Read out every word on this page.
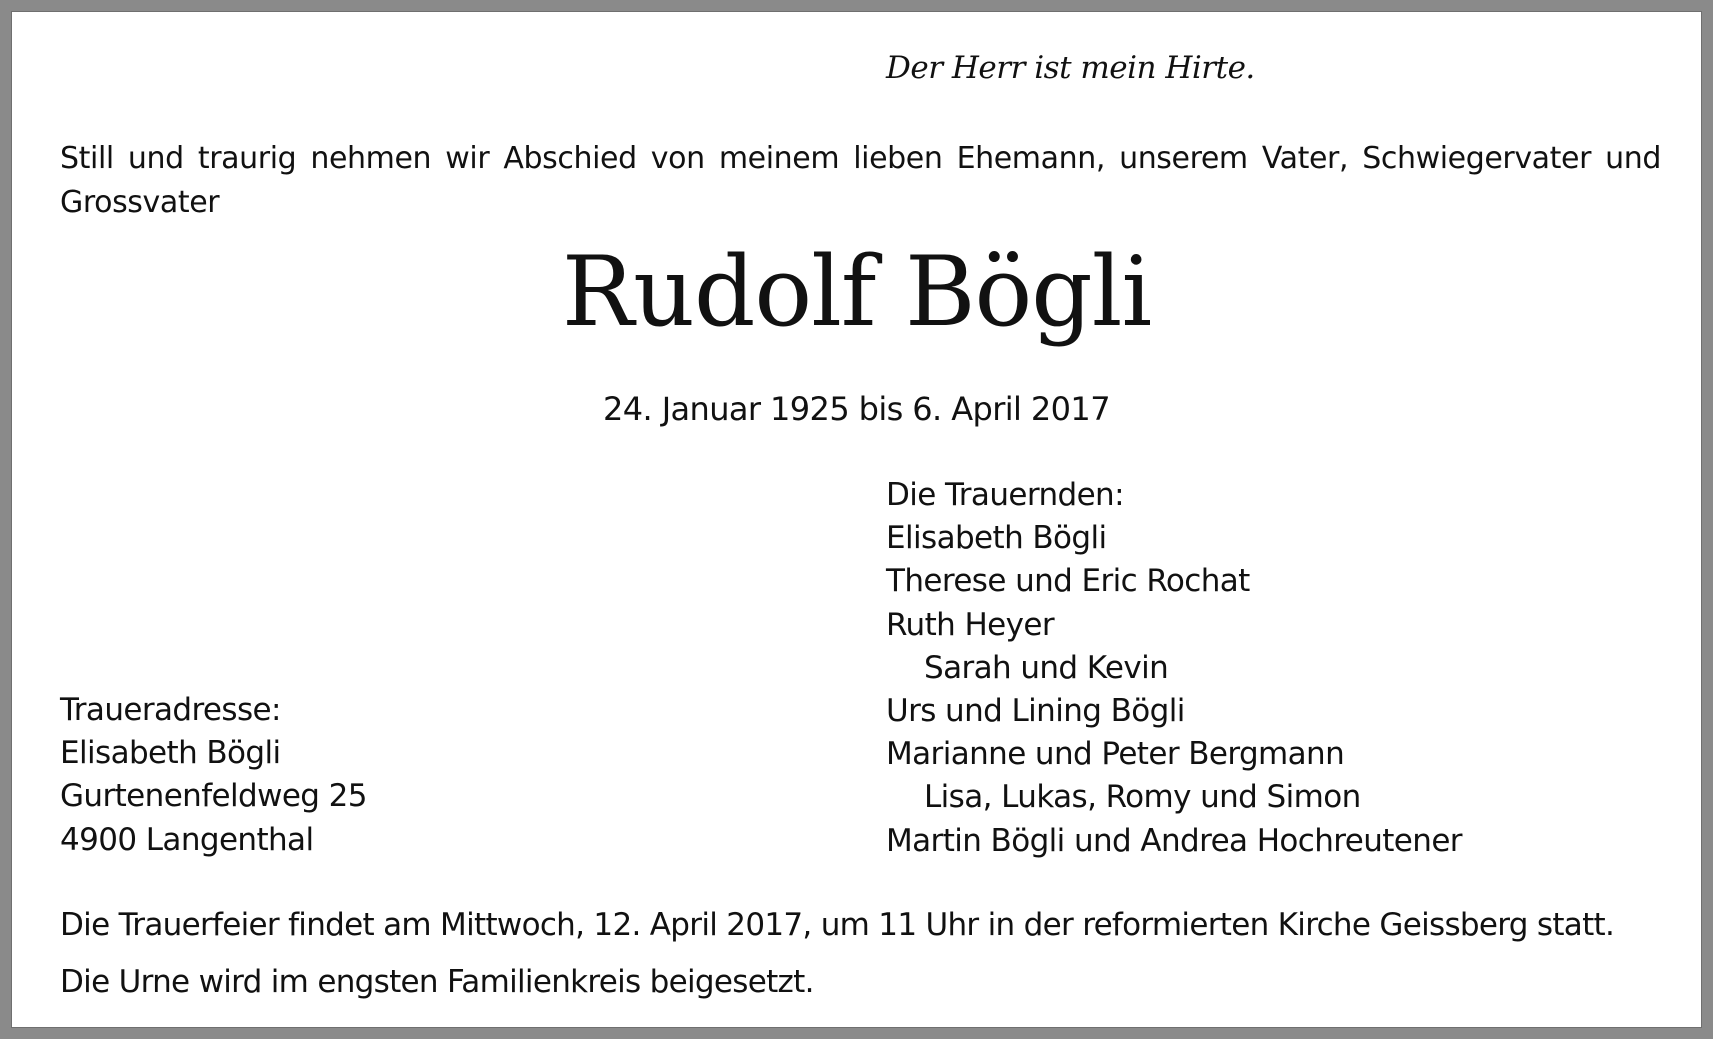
Der Herr ist mein Hirte.

Still und traurig nehmen wir Abschied von meinem lieben Ehemann, unserem Vater, Schwiegervater und Grossvater

Rudolf Bögli
24. Januar 1925 bis 6. April 2017
Die Trauernden:
Elisabeth Bögli
Therese und Eric Rochat
Ruth Heyer
Sarah und Kevin
Urs und Lining Bögli
Marianne und Peter Bergmann
Lisa, Lukas, Romy und Simon
Martin Bögli und Andrea Hochreutener
Traueradresse:
Elisabeth Bögli
Gurtenenfeldweg 25
4900 Langenthal
Die Trauerfeier findet am Mittwoch, 12. April 2017, um 11 Uhr in der reformierten Kirche Geissberg statt.
Die Urne wird im engsten Familienkreis beigesetzt.
